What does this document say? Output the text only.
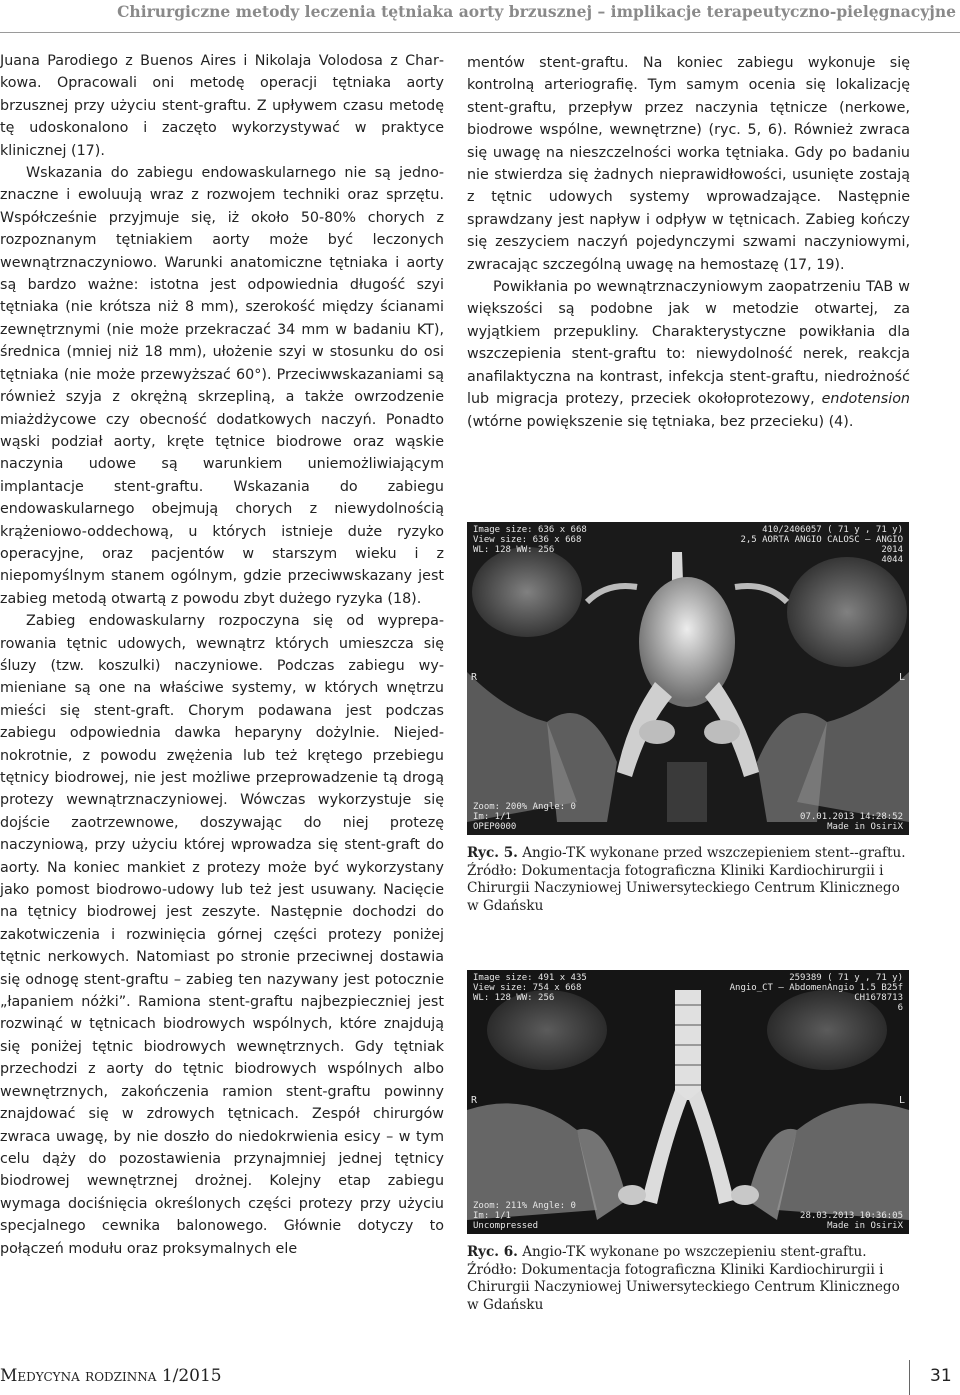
Chirurgiczne metody leczenia tętniaka aorty brzusznej – implikacje terapeutyczno-pielęgnacyjne

Juana Parodiego z Buenos Aires i Nikolaja Volodosa z Charkowa. Opracowali oni metodę operacji tętniaka aorty brzusznej przy użyciu stent-graftu. Z upływem czasu metodę tę udoskonalono i zaczęto wykorzystywać w praktyce klinicznej (17).

Wskazania do zabiegu endowaskularnego nie są jednoznaczne i ewoluują wraz z rozwojem techniki oraz sprzętu. Współcześnie przyjmuje się, iż około 50-80% chorych z rozpoznanym tętniakiem aorty może być leczonych wewnątrznaczyniowo. Warunki anatomiczne tętniaka i aorty są bardzo ważne: istotna jest odpowiednia długość szyi tętniaka (nie krótsza niż 8 mm), szerokość między ścianami zewnętrznymi (nie może przekraczać 34 mm w badaniu KT), średnica (mniej niż 18 mm), ułożenie szyi w stosunku do osi tętniaka (nie może przewyższać 60°). Przeciwwskazaniami są również szyja z okrężną skrzepliną, a także owrzodzenie miażdżycowe czy obecność dodatkowych naczyń. Ponadto wąski podział aorty, kręte tętnice biodrowe oraz wąskie naczynia udowe są warunkiem uniemożliwiającym implantacje stent-graftu. Wskazania do zabiegu endowaskularnego obejmują chorych z niewydolnością krążeniowo-oddechową, u których istnieje duże ryzyko operacyjne, oraz pacjentów w starszym wieku i z niepomyślnym stanem ogólnym, gdzie przeciwwskazany jest zabieg metodą otwartą z powodu zbyt dużego ryzyka (18).

Zabieg endowaskularny rozpoczyna się od wypreparowania tętnic udowych, wewnątrz których umieszcza się śluzy (tzw. koszulki) naczyniowe. Podczas zabiegu wymieniane są one na właściwe systemy, w których wnętrzu mieści się stent-graft. Chorym podawana jest podczas zabiegu odpowiednia dawka heparyny dożylnie. Niejednokrotnie, z powodu zwężenia lub też krętego przebiegu tętnicy biodrowej, nie jest możliwe przeprowadzenie tą drogą protezy wewnątrznaczyniowej. Wówczas wykorzystuje się dojście zaotrzewnowe, doszywając do niej protezę naczyniową, przy użyciu której wprowadza się stent-graft do aorty. Na koniec mankiet z protezy może być wykorzystany jako pomost biodrowo-udowy lub też jest usuwany. Nacięcie na tętnicy biodrowej jest zeszyte. Następnie dochodzi do zakotwiczenia i rozwinięcia górnej części protezy poniżej tętnic nerkowych. Natomiast po stronie przeciwnej dostawia się odnogę stent-graftu – zabieg ten nazywany jest potocznie „łapaniem nóżki”. Ramiona stent-graftu najbezpieczniej jest rozwinąć w tętnicach biodrowych wspólnych, które znajdują się poniżej tętnic biodrowych wewnętrznych. Gdy tętniak przechodzi z aorty do tętnic biodrowych wspólnych albo wewnętrznych, zakończenia ramion stent-graftu powinny znajdować się w zdrowych tętnicach. Zespół chirurgów zwraca uwagę, by nie doszło do niedokrwienia esicy – w tym celu dąży do pozostawienia przynajmniej jednej tętnicy biodrowej wewnętrznej drożnej. Kolejny etap zabiegu wymaga dociśnięcia określonych części protezy przy użyciu specjalnego cewnika balonowego. Głównie dotyczy to połączeń modułu oraz proksymalnych ele

mentów stent-graftu. Na koniec zabiegu wykonuje się kontrolną arteriografię. Tym samym ocenia się lokalizację stent-graftu, przepływ przez naczynia tętnicze (nerkowe, biodrowe wspólne, wewnętrzne) (ryc. 5, 6). Również zwraca się uwagę na nieszczelności worka tętniaka. Gdy po badaniu nie stwierdza się żadnych nieprawidłowości, usunięte zostają z tętnic udowych systemy wprowadzające. Następnie sprawdzany jest napływ i odpływ w tętnicach. Zabieg kończy się zeszyciem naczyń pojedynczymi szwami naczyniowymi, zwracając szczególną uwagę na hemostazę (17, 19).

Powikłania po wewnątrznaczyniowym zaopatrzeniu TAB w większości są podobne jak w metodzie otwartej, za wyjątkiem przepukliny. Charakterystyczne powikłania dla wszczepienia stent-graftu to: niewydolność nerek, reakcja anafilaktyczna na kontrast, infekcja stent-graftu, niedrożność lub migracja protezy, przeciek okołoprotezowy, endotension (wtórne powiększenie się tętniaka, bez przecieku) (4).

Image size: 636 x 668
View size: 636 x 668
WL: 128 WW: 256
410/2406057 ( 71 y , 71 y)
2,5 AORTA ANGIO CALOSC — ANGIO
2014
4044
Zoom: 200% Angle: 0
Im: 1/1
OPEP0000
07.01.2013 14:28:52
Made in OsiriX
R	L
Ryc. 5. Angio-TK wykonane przed wszczepieniem stent--graftu.
Źródło: Dokumentacja fotograficzna Kliniki Kardiochirurgii i Chirurgii Naczyniowej Uniwersyteckiego Centrum Klinicznego w Gdańsku
Image size: 491 x 435
View size: 754 x 668
WL: 128 WW: 256
259389 ( 71 y , 71 y)
Angio_CT — AbdomenAngio 1.5 B25f
CH1678713
6
Zoom: 211% Angle: 0
Im: 1/1
Uncompressed
28.03.2013 10:36:05
Made in OsiriX
R	L
Ryc. 6. Angio-TK wykonane po wszczepieniu stent-graftu.
Źródło: Dokumentacja fotograficzna Kliniki Kardiochirurgii i Chirurgii Naczyniowej Uniwersyteckiego Centrum Klinicznego w Gdańsku
Medycyna rodzinna 1/2015	31
